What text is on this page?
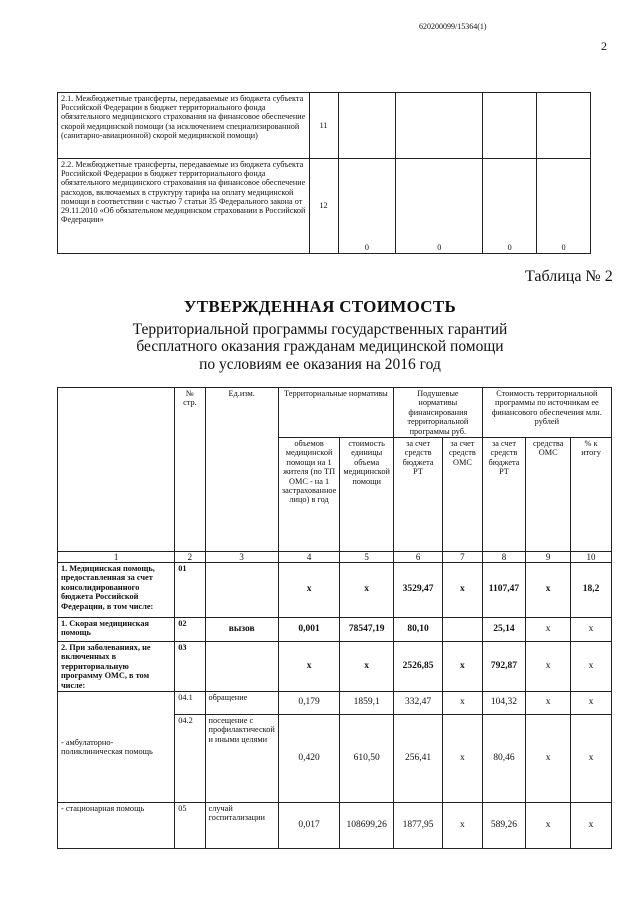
620200099/15364(1)
2
2.1. Межбюджетные трансферты, передаваемые из бюджета субъекта Российской Федерации в бюджет территориального фонда обязательного медицинского страхования на финансовое обеспечение скорой медицинской помощи (за исключением специализированной (санитарно-авиационной) скорой медицинской помощи)	11				
2.2. Межбюджетные трансферты, передаваемые из бюджета субъекта Российской Федерации в бюджет территориального фонда обязательного медицинского страхования на финансовое обеспечение расходов, включаемых в структуру тарифа на оплату медицинской помощи в соответствии с частью 7 статьи 35 Федерального закона от 29.11.2010 «Об обязательном медицинском страховании в Российской Федерации»	12	0	0	0	0
Таблица № 2
УТВЕРЖДЕННАЯ СТОИМОСТЬ
Территориальной программы государственных гарантий
бесплатного оказания гражданам медицинской помощи
по условиям ее оказания на 2016 год
	№ стр.	Ед.изм.	Территориальные нормативы		Подушевые нормативы финансирования территориальной программы руб.		Стоимость территориальной программы по источникам ее финансового обеспечения млн. рублей		
			объемов медицинской помощи на 1 жителя (по ТП ОМС - на 1 застрахованное лицо) в год	стоимость единицы объема медицинской помощи	за счет средств бюджета РТ	за счет средств ОМС	за счет средств бюджета РТ	средства ОМС	% к итогу
1	2	3	4	5	6	7	8	9	10
1. Медицинская помощь, предоставленная за счет консолидированного бюджета Российской Федерации, в том числе:	01		х	х	3529,47	х	1107,47	х	18,2
1. Скорая медицинская помощь	02	вызов	0,001	78547,19	80,10		25,14	х	х
2. При заболеваниях, не включенных в территориальную программу ОМС, в том числе:	03		х	х	2526,85	х	792,87	х	х
- амбулаторно-поликлиническая помощь	04.1	обращение	0,179	1859,1	332,47	х	104,32	х	х
	04.2	посещение с профилактической и иными целями	0,420	610,50	256,41	х	80,46	х	х
- стационарная помощь	05	случай госпитализации	0,017	108699,26	1877,95	х	589,26	х	х
